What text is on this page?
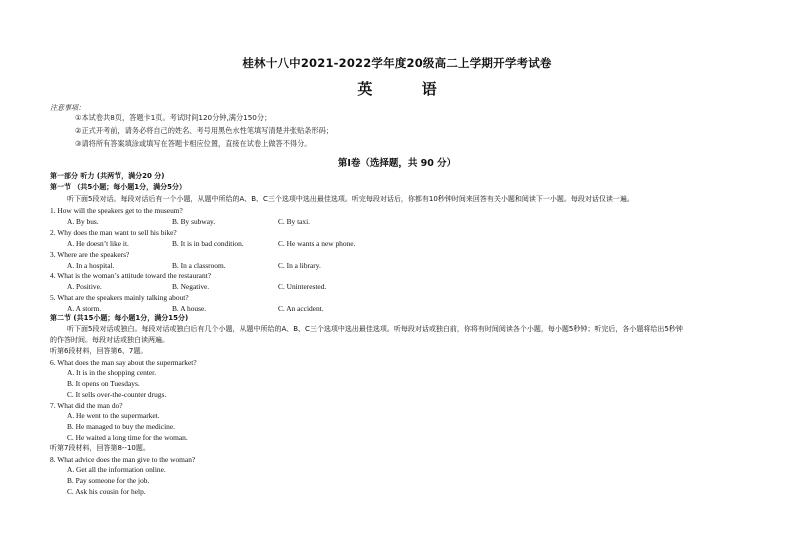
桂林十八中2021-2022学年度20级高二上学期开学考试卷
英	语
注意事项：
①本试卷共8页，答题卡1页。考试时间120分钟,满分150分；
②正式开考前，请务必将自己的姓名、考号用黑色水性笔填写清楚并张贴条形码；
③请将所有答案填涂或填写在答题卡相应位置，直接在试卷上做答不得分。
第Ⅰ卷（选择题，共 90 分）
第一部分 听力 (共两节，满分20 分)
第一节 （共5小题；每小题1分，满分5分）
听下面5段对话。每段对话后有一个小题，从题中所给的A、B、C三个选项中选出最佳选项。听完每段对话后，你都有10秒钟时间来回答有关小题和阅读下一小题。每段对话仅读一遍。
1. How will the speakers get to the museum?
A. By bus.	B. By subway.	C. By taxi.
2. Why does the man want to sell his bike?
A. He doesn’t like it.	B. It is in bad condition.	C. He wants a new phone.
3. Where are the speakers?
A. In a hospital.	B. In a classroom.	C. In a library.
4. What is the woman’s attitude toward the restaurant?
A. Positive.	B. Negative.	C. Uninterested.
5. What are the speakers mainly talking about?
A. A storm.	B. A house.	C. An accident.
第二节 (共15小题；每小题1分，满分15分)
听下面5段对话或独白。每段对话或独白后有几个小题，从题中所给的A、B、C三个选项中选出最佳选项。听每段对话或独白前，你将有时间阅读各个小题，每小题5秒钟；听完后，各小题将给出5秒钟
的作答时间。每段对话或独白读两遍。
听第6段材料，回答第6、7题。
6. What does the man say about the supermarket?
A. It is in the shopping center.
B. It opens on Tuesdays.
C. It sells over-the-counter drugs.
7. What did the man do?
A. He went to the supermarket.
B. He managed to buy the medicine.
C. He waited a long time for the woman.
听第7段材料，回答第8--10题。
8. What advice does the man give to the woman?
A. Get all the information online.
B. Pay someone for the job.
C. Ask his cousin for help.
